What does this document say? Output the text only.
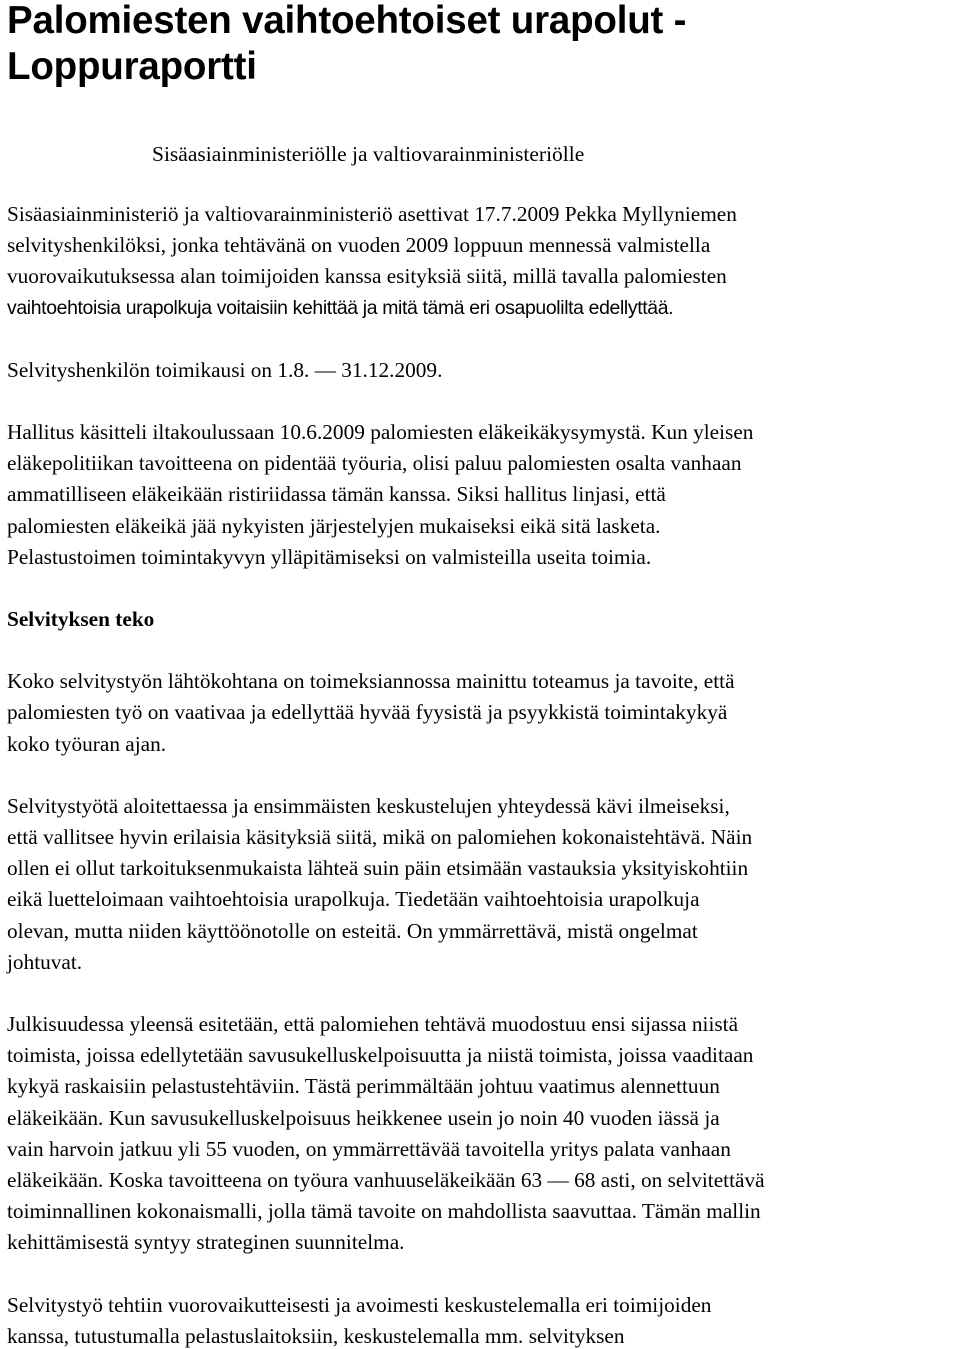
Palomiesten vaihtoehtoiset urapolut -
Loppuraportti
Sisäasiainministeriölle ja valtiovarainministeriölle

Sisäasiainministeriö ja valtiovarainministeriö asettivat 17.7.2009 Pekka Myllyniemen
selvityshenkilöksi, jonka tehtävänä on vuoden 2009 loppuun mennessä valmistella
vuorovaikutuksessa alan toimijoiden kanssa esityksiä siitä, millä tavalla palomiesten
vaihtoehtoisia urapolkuja voitaisiin kehittää ja mitä tämä eri osapuolilta edellyttää.

Selvityshenkilön toimikausi on 1.8. — 31.12.2009.

Hallitus käsitteli iltakoulussaan 10.6.2009 palomiesten eläkeikäkysymystä. Kun yleisen
eläkepolitiikan tavoitteena on pidentää työuria, olisi paluu palomiesten osalta vanhaan
ammatilliseen eläkeikään ristiriidassa tämän kanssa. Siksi hallitus linjasi, että
palomiesten eläkeikä jää nykyisten järjestelyjen mukaiseksi eikä sitä lasketa.
Pelastustoimen toimintakyvyn ylläpitämiseksi on valmisteilla useita toimia.

Selvityksen teko

Koko selvitystyön lähtökohtana on toimeksiannossa mainittu toteamus ja tavoite, että
palomiesten työ on vaativaa ja edellyttää hyvää fyysistä ja psyykkistä toimintakykyä
koko työuran ajan.

Selvitystyötä aloitettaessa ja ensimmäisten keskustelujen yhteydessä kävi ilmeiseksi,
että vallitsee hyvin erilaisia käsityksiä siitä, mikä on palomiehen kokonaistehtävä. Näin
ollen ei ollut tarkoituksenmukaista lähteä suin päin etsimään vastauksia yksityiskohtiin
eikä luetteloimaan vaihtoehtoisia urapolkuja. Tiedetään vaihtoehtoisia urapolkuja
olevan, mutta niiden käyttöönotolle on esteitä. On ymmärrettävä, mistä ongelmat
johtuvat.

Julkisuudessa yleensä esitetään, että palomiehen tehtävä muodostuu ensi sijassa niistä
toimista, joissa edellytetään savusukelluskelpoisuutta ja niistä toimista, joissa vaaditaan
kykyä raskaisiin pelastustehtäviin. Tästä perimmältään johtuu vaatimus alennettuun
eläkeikään. Kun savusukelluskelpoisuus heikkenee usein jo noin 40 vuoden iässä ja
vain harvoin jatkuu yli 55 vuoden, on ymmärrettävää tavoitella yritys palata vanhaan
eläkeikään. Koska tavoitteena on työura vanhuuseläkeikään 63 — 68 asti, on selvitettävä
toiminnallinen kokonaismalli, jolla tämä tavoite on mahdollista saavuttaa. Tämän mallin
kehittämisestä syntyy strateginen suunnitelma.

Selvitystyö tehtiin vuorovaikutteisesti ja avoimesti keskustelemalla eri toimijoiden
kanssa, tutustumalla pelastuslaitoksiin, keskustelemalla mm. selvityksen
